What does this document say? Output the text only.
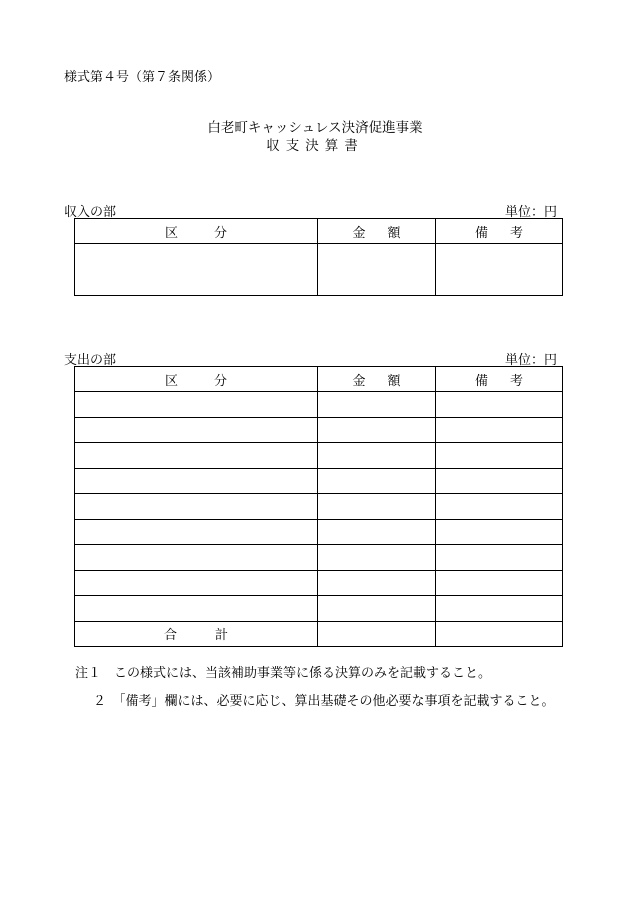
様式第４号（第７条関係）
白老町キャッシュレス決済促進事業
収支決算書
収入の部	単位：円
区分	金額	備考

支出の部	単位：円
区分	金額	備考

合計		
注１　この様式には、当該補助事業等に係る決算のみを記載すること。
２　「備考」欄には、必要に応じ、算出基礎その他必要な事項を記載すること。
